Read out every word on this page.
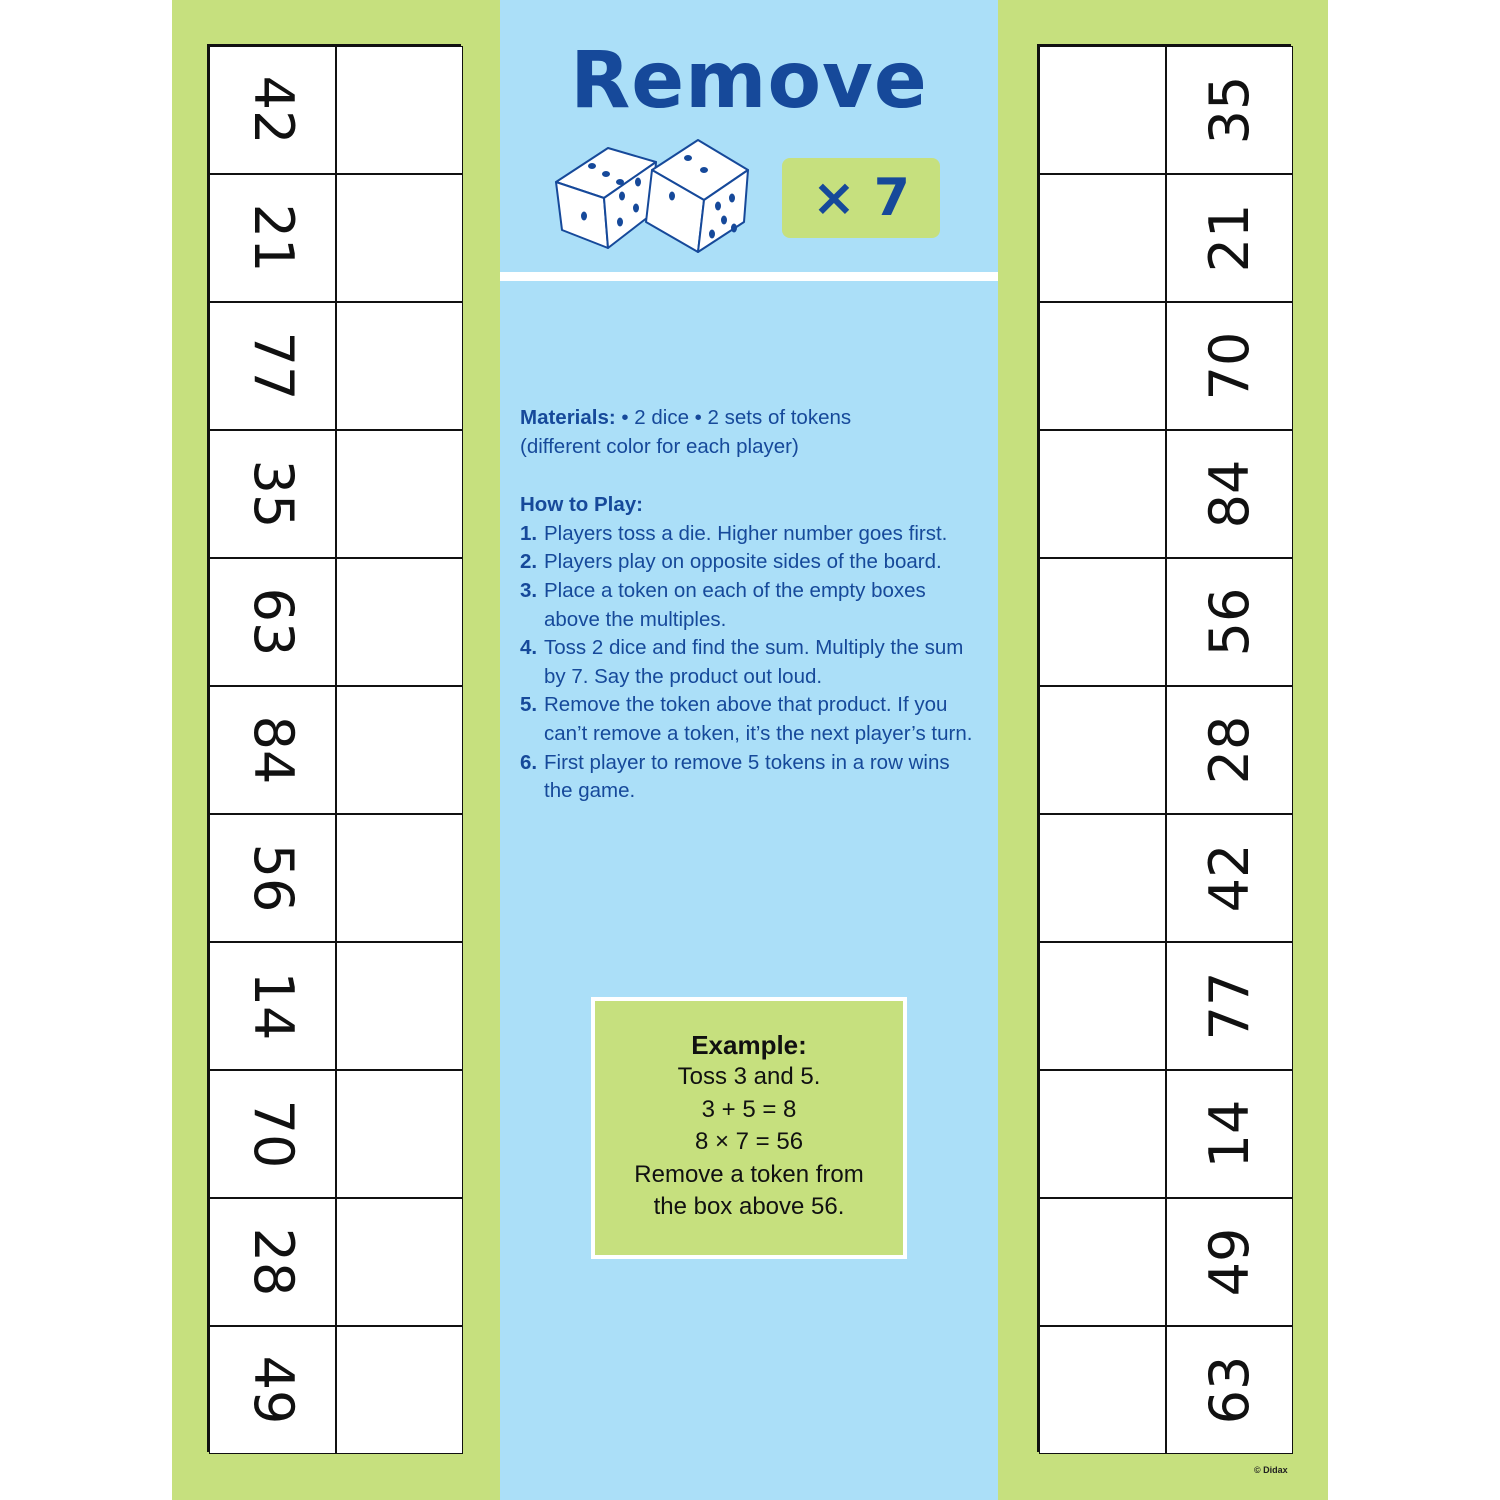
42
21
77
35
63
84
56
14
70
28
49
35
21
70
84
56
28
42
77
14
49
63
Remove
× 7
Materials: • 2 dice • 2 sets of tokens
(different color for each player)
How to Play:
1. Players toss a die. Higher number goes first.
2. Players play on opposite sides of the board.
3. Place a token on each of the empty boxes above the multiples.
4. Toss 2 dice and find the sum. Multiply the sum by 7. Say the product out loud.
5. Remove the token above that product. If you can’t remove a token, it’s the next player’s turn.
6. First player to remove 5 tokens in a row wins the game.
Example:
Toss 3 and 5.
3 + 5 = 8
8 × 7 = 56
Remove a token from
the box above 56.
© Didax
